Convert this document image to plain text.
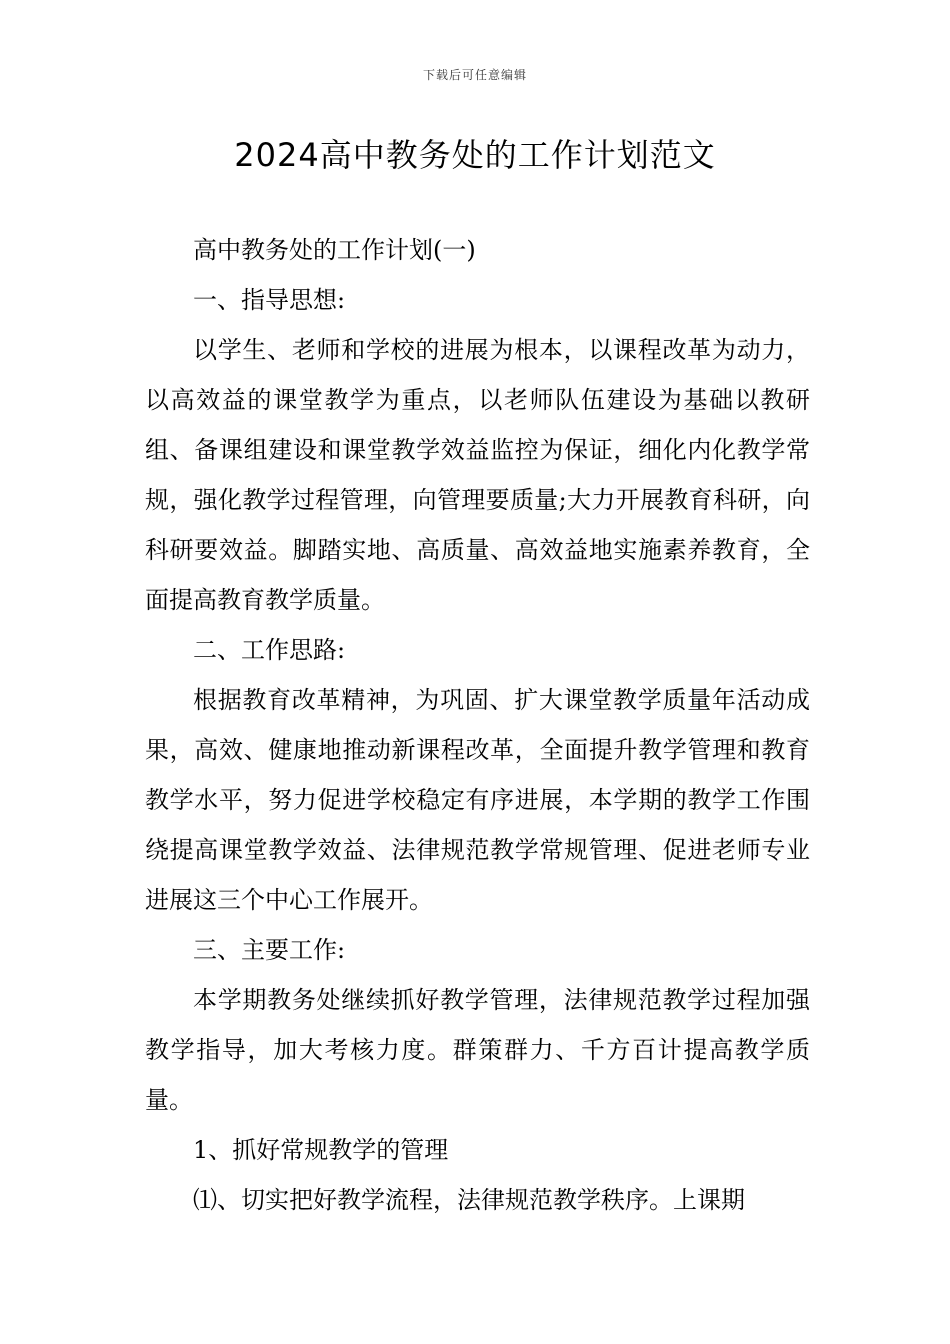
下载后可任意编辑
2024高中教务处的工作计划范文

高中教务处的工作计划(一)

一、指导思想:

以学生、老师和学校的进展为根本，以课程改革为动力，以高效益的课堂教学为重点，以老师队伍建设为基础以教研组、备课组建设和课堂教学效益监控为保证，细化内化教学常规，强化教学过程管理，向管理要质量;大力开展教育科研，向科研要效益。脚踏实地、高质量、高效益地实施素养教育，全面提高教育教学质量。

二、工作思路:

根据教育改革精神，为巩固、扩大课堂教学质量年活动成果，高效、健康地推动新课程改革，全面提升教学管理和教育教学水平，努力促进学校稳定有序进展，本学期的教学工作围绕提高课堂教学效益、法律规范教学常规管理、促进老师专业进展这三个中心工作展开。

三、主要工作:

本学期教务处继续抓好教学管理，法律规范教学过程加强教学指导，加大考核力度。群策群力、千方百计提高教学质量。

1、抓好常规教学的管理

⑴、切实把好教学流程，法律规范教学秩序。上课期
